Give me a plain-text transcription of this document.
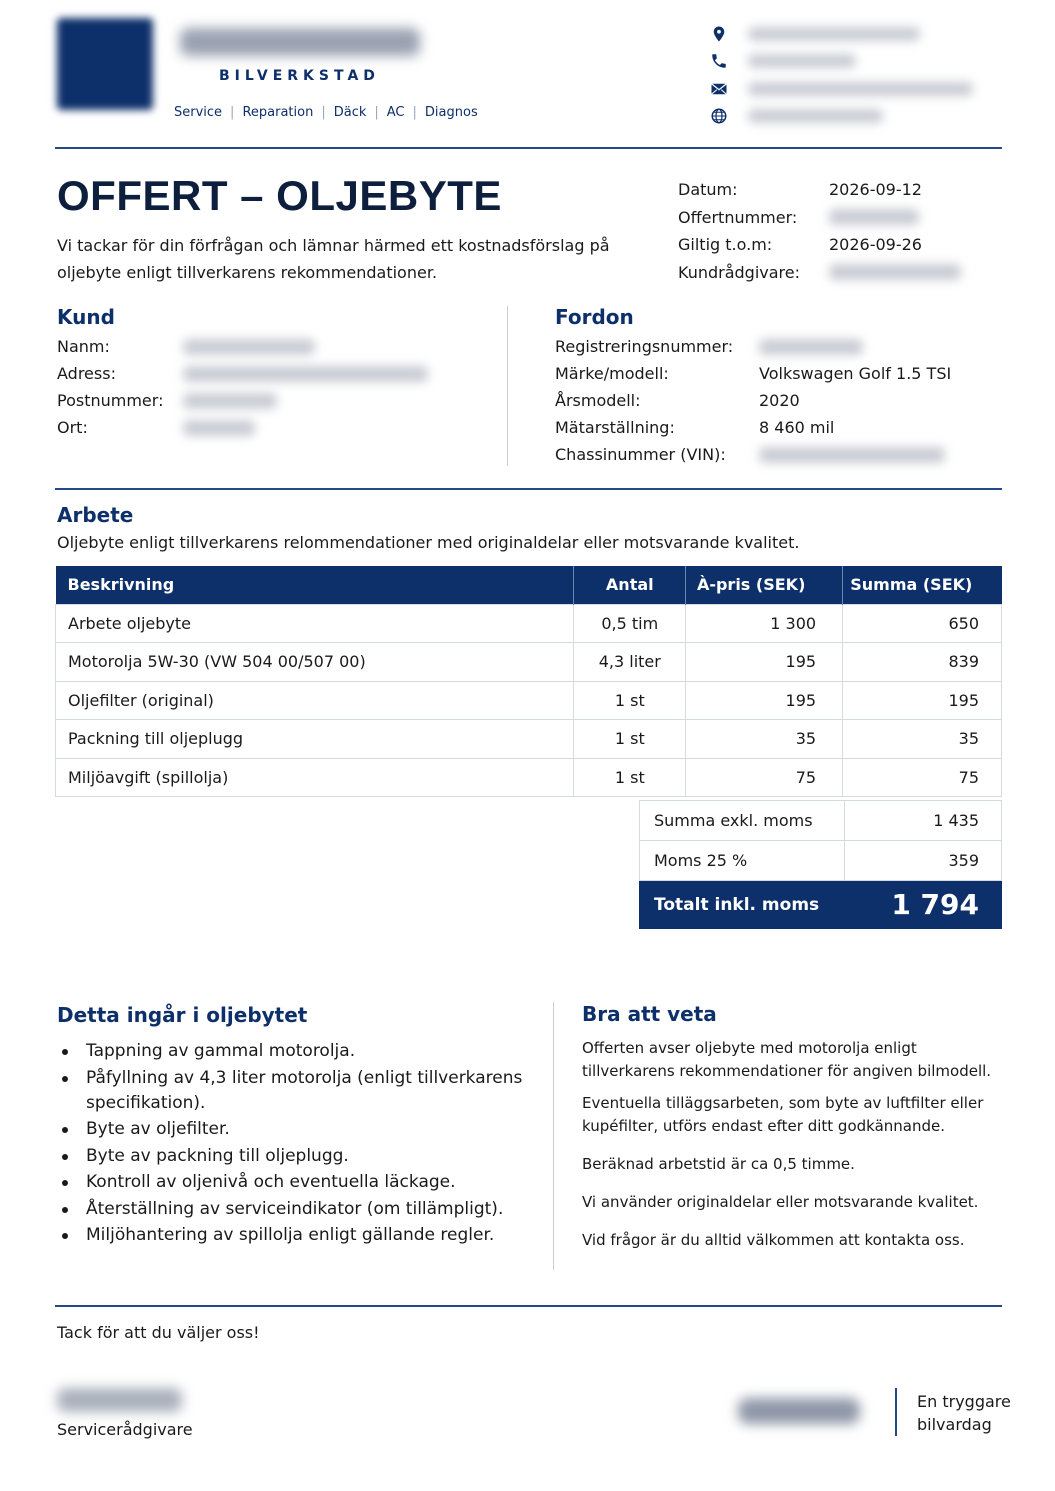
BILVERKSTAD
Service | Reparation | Däck | AC | Diagnos
OFFERT – OLJEBYTE
Vi tackar för din förfrågan och lämnar härmed ett kostnadsförslag på oljebyte enligt tillverkarens rekommendationer.
Datum:	2026-09-12
Offertnummer:
Giltig t.o.m:	2026-09-26
Kundrådgivare:
Kund
Nanm:
Adress:
Postnummer:
Ort:
Fordon
Registreringsnummer:
Märke/modell:	Volkswagen Golf 1.5 TSI
Årsmodell:	2020
Mätarställning:	8 460 mil
Chassinummer (VIN):
Arbete
Oljebyte enligt tillverkarens relommendationer med originaldelar eller motsvarande kvalitet.
Beskrivning	Antal	À-pris (SEK)	Summa (SEK)
Arbete oljebyte	0,5 tim	1 300	650
Motorolja 5W-30 (VW 504 00/507 00)	4,3 liter	195	839
Oljefilter (original)	1 st	195	195
Packning till oljeplugg	1 st	35	35
Miljöavgift (spillolja)	1 st	75	75
Summa exkl. moms	1 435
Moms 25 %	359
Totalt inkl. moms	1 794
Detta ingår i oljebytet
Tappning av gammal motorolja.
Påfyllning av 4,3 liter motorolja (enligt tillverkarens specifikation).
Byte av oljefilter.
Byte av packning till oljeplugg.
Kontroll av oljenivå och eventuella läckage.
Återställning av serviceindikator (om tillämpligt).
Miljöhantering av spillolja enligt gällande regler.
Bra att veta
Offerten avser oljebyte med motorolja enligt tillverkarens rekommendationer för angiven bilmodell.
Eventuella tilläggsarbeten, som byte av luftfilter eller kupéfilter, utförs endast efter ditt godkännande.
Beräknad arbetstid är ca 0,5 timme.
Vi använder originaldelar eller motsvarande kvalitet.
Vid frågor är du alltid välkommen att kontakta oss.
Tack för att du väljer oss!
Servicerådgivare
En tryggare
bilvardag
